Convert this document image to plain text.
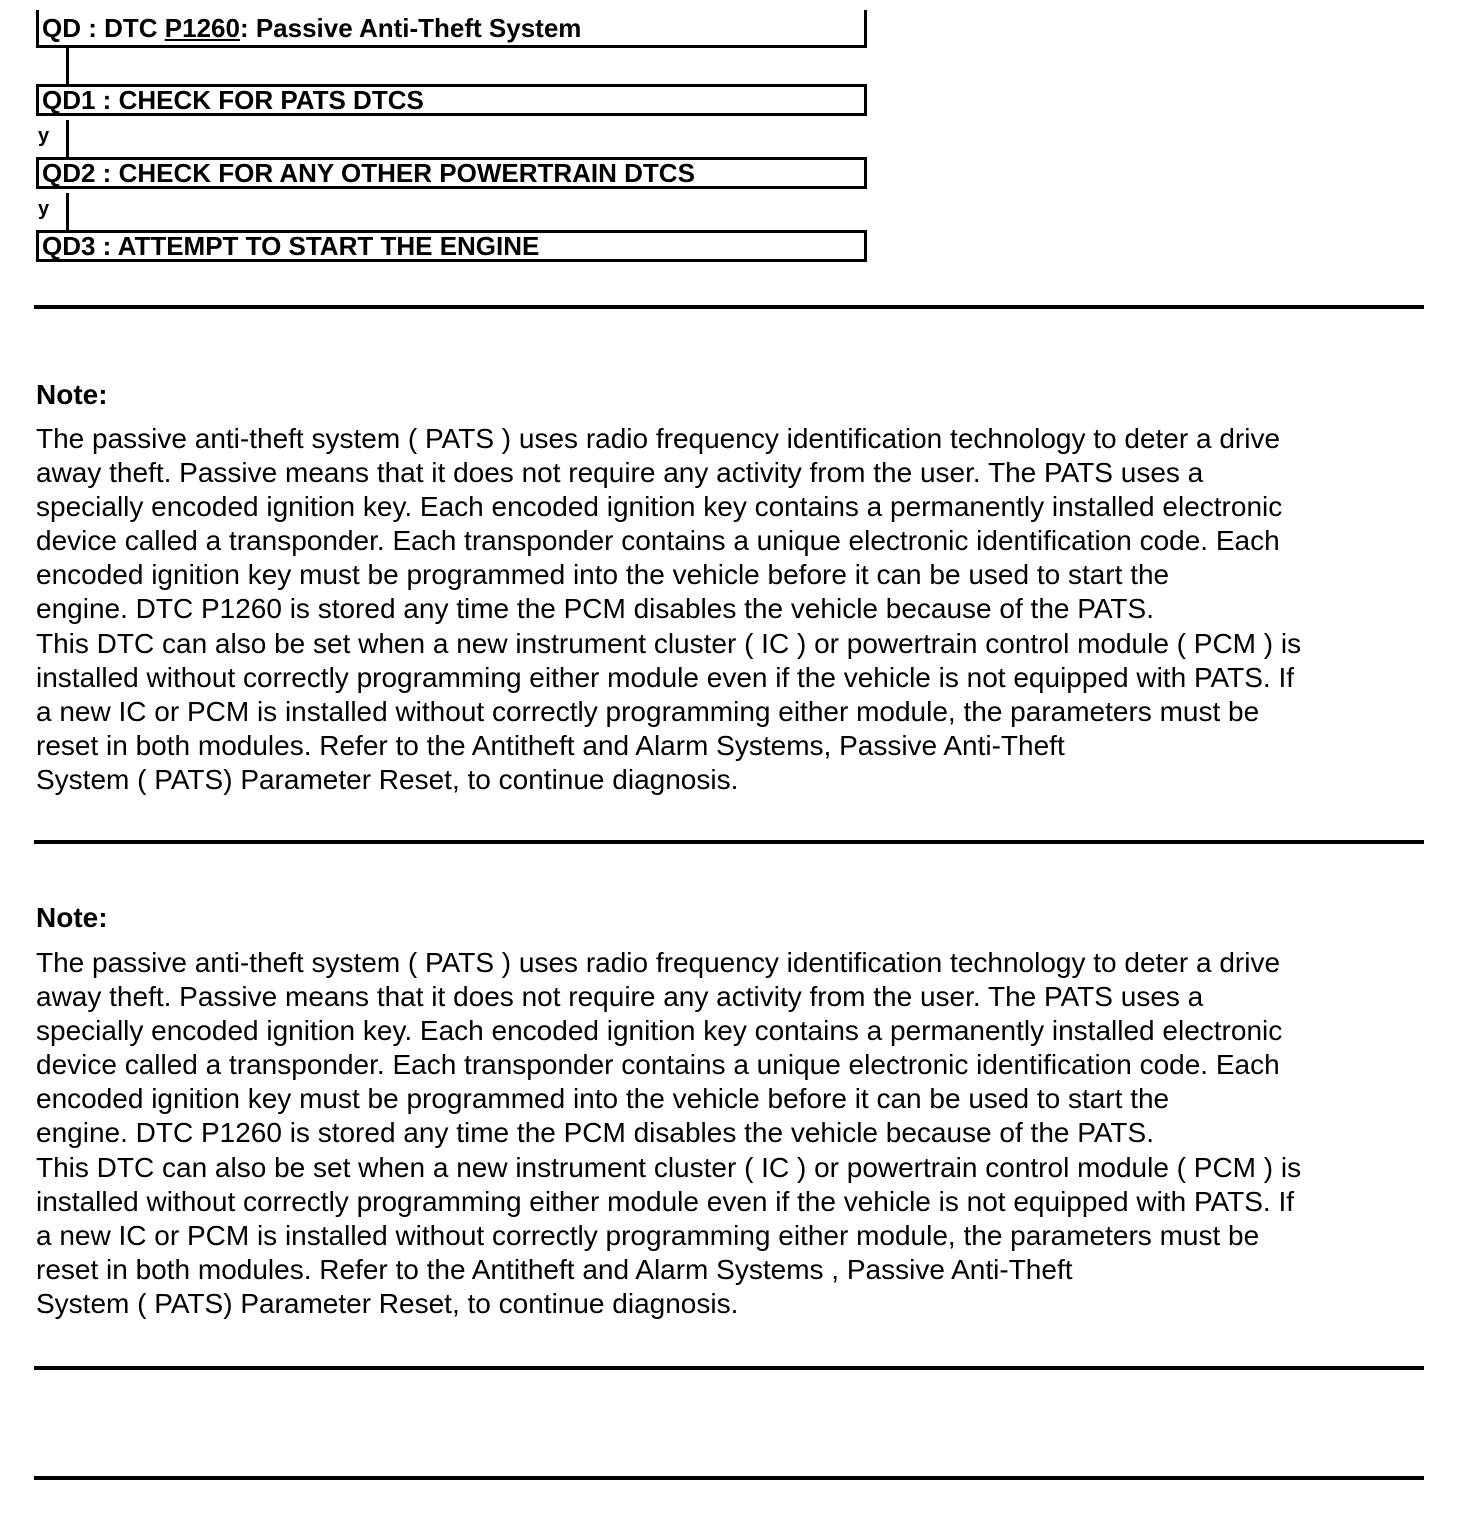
QD : DTC P1260: Passive Anti-Theft System
QD1 : CHECK FOR PATS DTCS
y
QD2 : CHECK FOR ANY OTHER POWERTRAIN DTCS
y
QD3 : ATTEMPT TO START THE ENGINE
Note:
The passive anti-theft system ( PATS ) uses radio frequency identification technology to deter a drive
away theft. Passive means that it does not require any activity from the user. The PATS uses a
specially encoded ignition key. Each encoded ignition key contains a permanently installed electronic
device called a transponder. Each transponder contains a unique electronic identification code. Each
encoded ignition key must be programmed into the vehicle before it can be used to start the
engine. DTC P1260 is stored any time the PCM disables the vehicle because of the PATS.
This DTC can also be set when a new instrument cluster ( IC ) or powertrain control module ( PCM ) is
installed without correctly programming either module even if the vehicle is not equipped with PATS. If
a new IC or PCM is installed without correctly programming either module, the parameters must be
reset in both modules. Refer to the Antitheft and Alarm Systems, Passive Anti-Theft
System ( PATS) Parameter Reset, to continue diagnosis.
Note:
The passive anti-theft system ( PATS ) uses radio frequency identification technology to deter a drive
away theft. Passive means that it does not require any activity from the user. The PATS uses a
specially encoded ignition key. Each encoded ignition key contains a permanently installed electronic
device called a transponder. Each transponder contains a unique electronic identification code. Each
encoded ignition key must be programmed into the vehicle before it can be used to start the
engine. DTC P1260 is stored any time the PCM disables the vehicle because of the PATS.
This DTC can also be set when a new instrument cluster ( IC ) or powertrain control module ( PCM ) is
installed without correctly programming either module even if the vehicle is not equipped with PATS. If
a new IC or PCM is installed without correctly programming either module, the parameters must be
reset in both modules. Refer to the Antitheft and Alarm Systems , Passive Anti-Theft
System ( PATS) Parameter Reset, to continue diagnosis.
